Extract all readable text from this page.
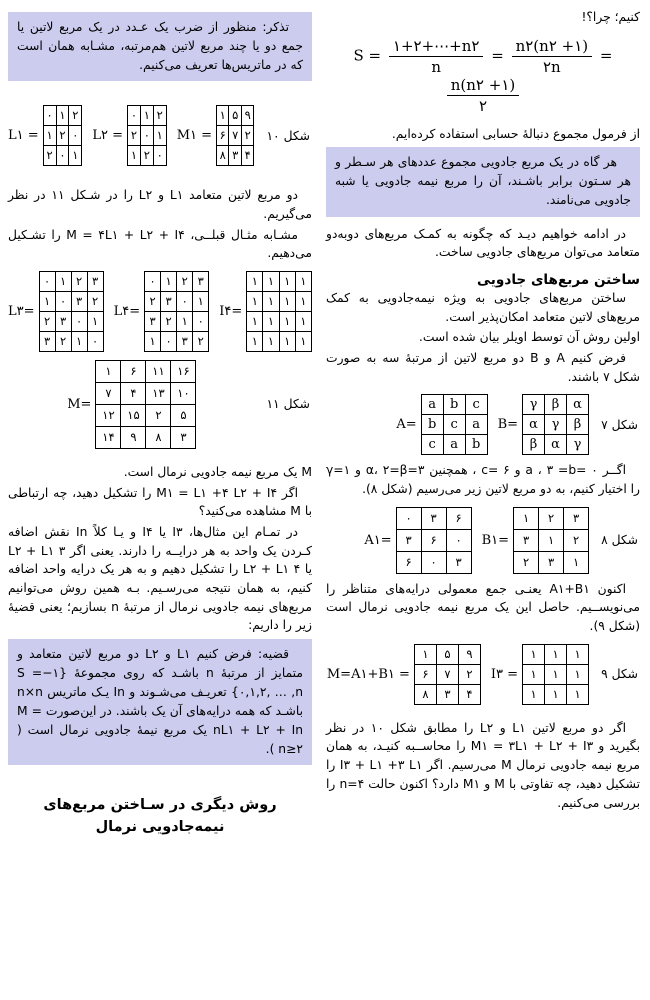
کنیم؛ چرا؟!

$S = \frac{۱+۲+\cdots+n۲}{n} = \frac{n۲(n۲ +۱)}{۲n}$ =
$\frac{n(n۲ +۱)}{۲}$

از فرمول مجموع دنبالهٔ حسابی استفاده کرده‌ایم.

هر گاه در یک مربع جادویی مجموع عددهای هر سـطر و هر سـتون برابر باشـند، آن را مربع نیمه جادویی یا شبه جادویی می‌نامند.

در ادامه خواهیم دیـد که چگونه به کمـک مربع‌های دوبه‌دو متعامد می‌توان مربع‌های جادویی ساخت.

ساختن مربع‌های جادویی

ساختن مربع‌های جادویی به ویژه نیمه‌جادویی به کمک مربع‌های لاتین متعامد امکان‌پذیر است.

اولین روش آن توسط اویلر بیان شده است.

فرض کنیم A و B دو مربع لاتین از مرتبهٔ سه به صورت شکل ۷ باشند.

شکل ۷
B=
γ	β	α
α	γ	β
β	α	γ
A=
a	b	c
b	c	a
c	a	b

اگــر ۰ =a ، ۳ =b و ۶ =c ، همچنین ۳=α، ۲=β و ۱=γ را اختیار کنیم، به دو مربع لاتین زیر می‌رسیم (شکل ۸).

شکل ۸
B۱=
۱	۲	۳
۳	۱	۲
۲	۳	۱
A۱=
۰	۳	۶
۳	۶	۰
۶	۰	۳

اکنون A۱+B۱ یعنـی جمع معمولی درایه‌های متناظر را می‌نویســیم. حاصل این یک مربع نیمه جادویی نرمال است (شکل ۹).

شکل ۹
I۳ =
۱	۱	۱
۱	۱	۱
۱	۱	۱
M=A۱+B۱ =
۱	۵	۹
۶	۷	۲
۸	۳	۴

اگر دو مربع لاتین L۱ و L۲ را مطابق شکل ۱۰ در نظر بگیرید و M۱ = ۳L۱ + L۲ + I۳ را محاســبه کنیـد، به همان مربع نیمه جادویی نرمال M می‌رسیم. اگر I۳ + L۱ +۳ L۱ را تشکیل دهید، چه تفاوتی با M و M۱ دارد؟ اکنون حالت ۴=n را بررسی می‌کنیم.

تذکر: منظور از ضرب یک عـدد در یک مربع لاتین یا جمع دو یا چند مربع لاتین هم‌مرتبه، مشـابه همان است که در ماتریس‌ها تعریف می‌کنیم.

شکل ۱۰
M۱ =
۱	۵	۹
۶	۷	۲
۸	۳	۴
L۲ =
۰	۱	۲
۲	۰	۱
۱	۲	۰
L۱ =
۰	۱	۲
۱	۲	۰
۲	۰	۱

دو مربع لاتین متعامد L۱ و L۲ را در شـکل ۱۱ در نظر می‌گیریم.

مشـابه مثـال قبلــی، M = ۴L۱ + L۲ + I۴ را تشـکیل می‌دهیم.

I۴=
۱	۱	۱	۱
۱	۱	۱	۱
۱	۱	۱	۱
۱	۱	۱	۱
L۴=
۰	۱	۲	۳
۲	۳	۰	۱
۳	۲	۱	۰
۱	۰	۳	۲
L۳=
۰	۱	۲	۳
۱	۰	۳	۲
۲	۳	۰	۱
۳	۲	۱	۰
شکل ۱۱
M=
۱	۶	۱۱	۱۶
۷	۴	۱۳	۱۰
۱۲	۱۵	۲	۵
۱۴	۹	۸	۳

M یک مربع نیمه جادویی نرمال است.

اگر M۱ = L۱ +۴ L۲ + I۴ را تشکیل دهید، چه ارتباطی با M مشاهده می‌کنید؟

در تمـام این مثال‌ها، I۳ یا I۴ و یـا کلاً In نقش اضافه کـردن یک واحد به هر درایــه را دارند. یعنی اگر L۲ + L۱ ۳ یا L۲ + L۱ ۴ را تشکیل دهیم و به هر یک درایه واحد اضافه کنیم، به همان نتیجه می‌رسـیم. بـه همین روش می‌توانیم مربع‌های نیمه جادویی نرمال از مرتبهٔ n بسازیم؛ یعنی قضیهٔ زیر را داریم:

قضیه: فرض کنیم L۱ و L۲ دو مربع لاتین متعامد و متمایز از مرتبهٔ n باشـد که روی مجموعهٔ {۱−S = {۰,۱,۲, … ,n تعریـف می‌شـوند و In یـک ماتریس n×n باشـد که همه درایه‌های آن یک باشند. در این‌صورت M = nL۱ + L۲ + In یک مربع نیمهٔ جادویی نرمال است ( ۲≤n ).

روش دیگری در سـاختن مربع‌های نیمه‌جادویی نرمال
